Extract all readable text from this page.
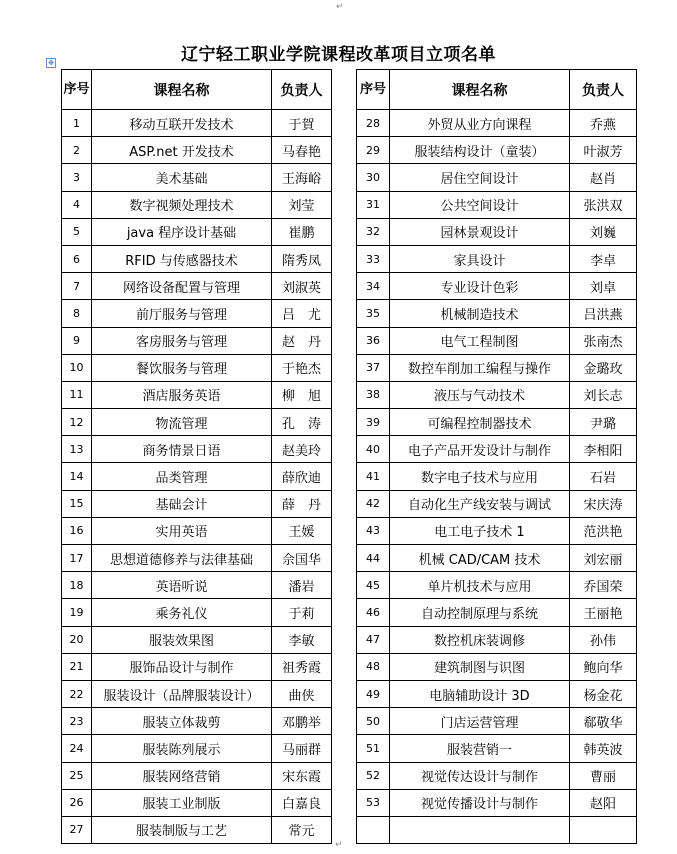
↵
✥	辽宁轻工职业学院课程改革项目立项名单
序号	课程名称	负责人
1	移动互联开发技术	于賀
2	ASP.net 开发技术	马春艳
3	美术基础	王海峪
4	数字视频处理技术	刘莹
5	java 程序设计基础	崔鹏
6	RFID 与传感器技术	隋秀凤
7	网络设备配置与管理	刘淑英
8	前厅服务与管理	吕　尤
9	客房服务与管理	赵　丹
10	餐饮服务与管理	于艳杰
11	酒店服务英语	柳　旭
12	物流管理	孔　涛
13	商务情景日语	赵美玲
14	品类管理	薛欣迪
15	基础会计	薛　丹
16	实用英语	王媛
17	思想道德修养与法律基础	佘国华
18	英语听说	潘岩
19	乘务礼仪	于莉
20	服装效果图	李敏
21	服饰品设计与制作	祖秀霞
22	服装设计（品牌服装设计）	曲侠
23	服装立体裁剪	邓鹏举
24	服装陈列展示	马丽群
25	服装网络营销	宋东霞
26	服装工业制版	白嘉良
27	服装制版与工艺	常元
序号	课程名称	负责人
28	外贸从业方向课程	乔燕
29	服装结构设计（童装）	叶淑芳
30	居住空间设计	赵肖
31	公共空间设计	张洪双
32	园林景观设计	刘巍
33	家具设计	李卓
34	专业设计色彩	刘卓
35	机械制造技术	吕洪燕
36	电气工程制图	张南杰
37	数控车削加工编程与操作	金璐玫
38	液压与气动技术	刘长志
39	可编程控制器技术	尹璐
40	电子产品开发设计与制作	李相阳
41	数字电子技术与应用	石岩
42	自动化生产线安装与调试	宋庆涛
43	电工电子技术 1	范洪艳
44	机械 CAD/CAM 技术	刘宏丽
45	单片机技术与应用	乔国荣
46	自动控制原理与系统	王丽艳
47	数控机床装调修	孙伟
48	建筑制图与识图	鲍向华
49	电脑辅助设计 3D	杨金花
50	门店运营管理	郗敬华
51	服装营销一	韩英波
52	视觉传达设计与制作	曹丽
53	视觉传播设计与制作	赵阳

↵
